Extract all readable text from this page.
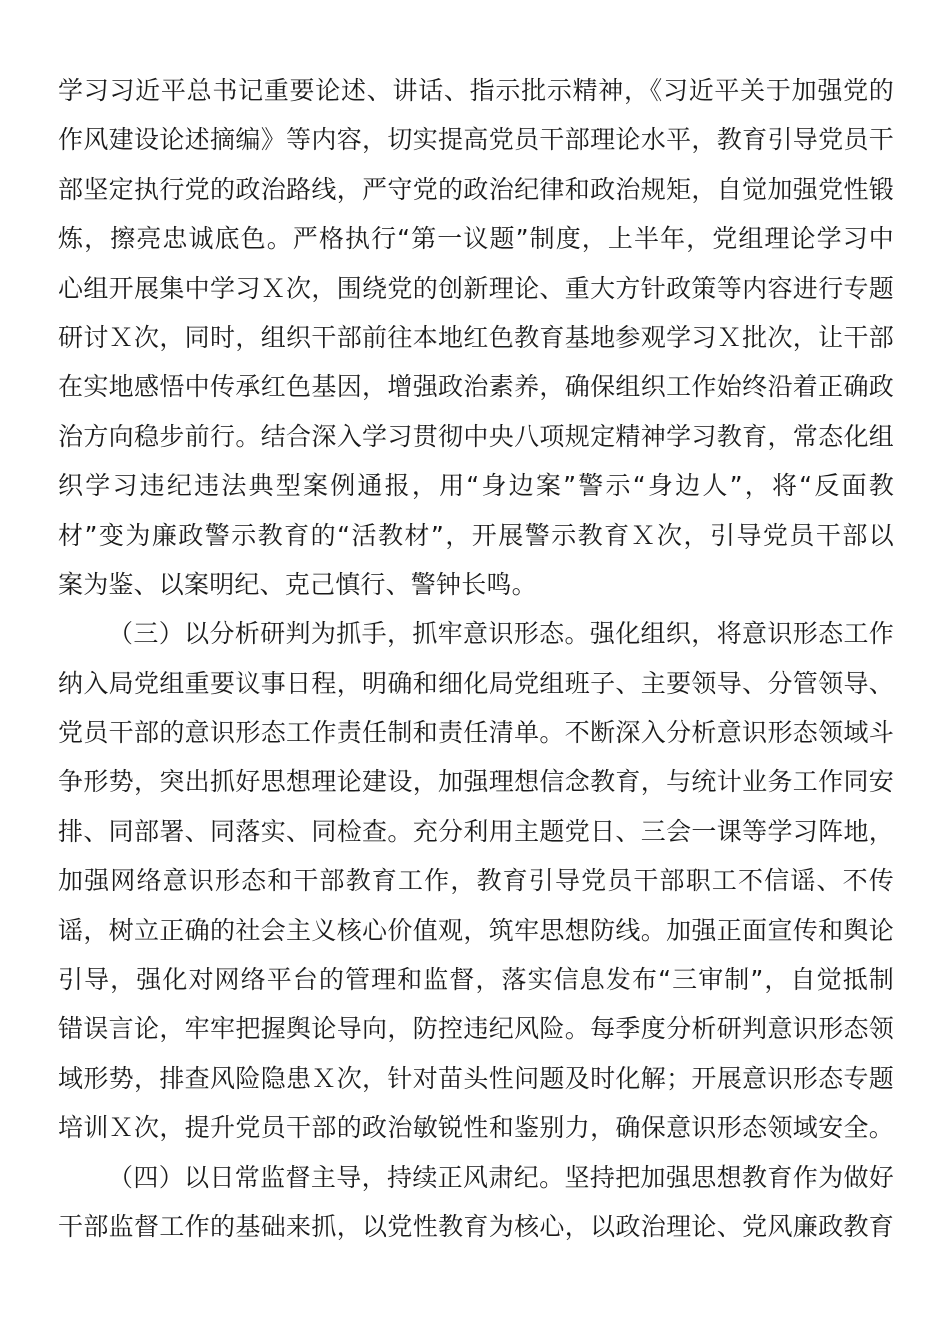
学习习近平总书记重要论述、讲话、指示批示精神，《习近平关于加强党的
作风建设论述摘编》等内容，切实提高党员干部理论水平，教育引导党员干
部坚定执行党的政治路线，严守党的政治纪律和政治规矩，自觉加强党性锻
炼，擦亮忠诚底色。严格执行“第一议题”制度，上半年，党组理论学习中
心组开展集中学习Ｘ次，围绕党的创新理论、重大方针政策等内容进行专题
研讨Ｘ次，同时，组织干部前往本地红色教育基地参观学习Ｘ批次，让干部
在实地感悟中传承红色基因，增强政治素养，确保组织工作始终沿着正确政
治方向稳步前行。结合深入学习贯彻中央八项规定精神学习教育，常态化组
织学习违纪违法典型案例通报，用“身边案”警示“身边人”，将“反面教
材”变为廉政警示教育的“活教材”，开展警示教育Ｘ次，引导党员干部以
案为鉴、以案明纪、克己慎行、警钟长鸣。
（三）以分析研判为抓手，抓牢意识形态。强化组织，将意识形态工作
纳入局党组重要议事日程，明确和细化局党组班子、主要领导、分管领导、
党员干部的意识形态工作责任制和责任清单。不断深入分析意识形态领域斗
争形势，突出抓好思想理论建设，加强理想信念教育，与统计业务工作同安
排、同部署、同落实、同检查。充分利用主题党日、三会一课等学习阵地，
加强网络意识形态和干部教育工作，教育引导党员干部职工不信谣、不传
谣，树立正确的社会主义核心价值观，筑牢思想防线。加强正面宣传和舆论
引导，强化对网络平台的管理和监督，落实信息发布“三审制”，自觉抵制
错误言论，牢牢把握舆论导向，防控违纪风险。每季度分析研判意识形态领
域形势，排查风险隐患Ｘ次，针对苗头性问题及时化解；开展意识形态专题
培训Ｘ次，提升党员干部的政治敏锐性和鉴别力，确保意识形态领域安全。
（四）以日常监督主导，持续正风肃纪。坚持把加强思想教育作为做好
干部监督工作的基础来抓，以党性教育为核心，以政治理论、党风廉政教育
